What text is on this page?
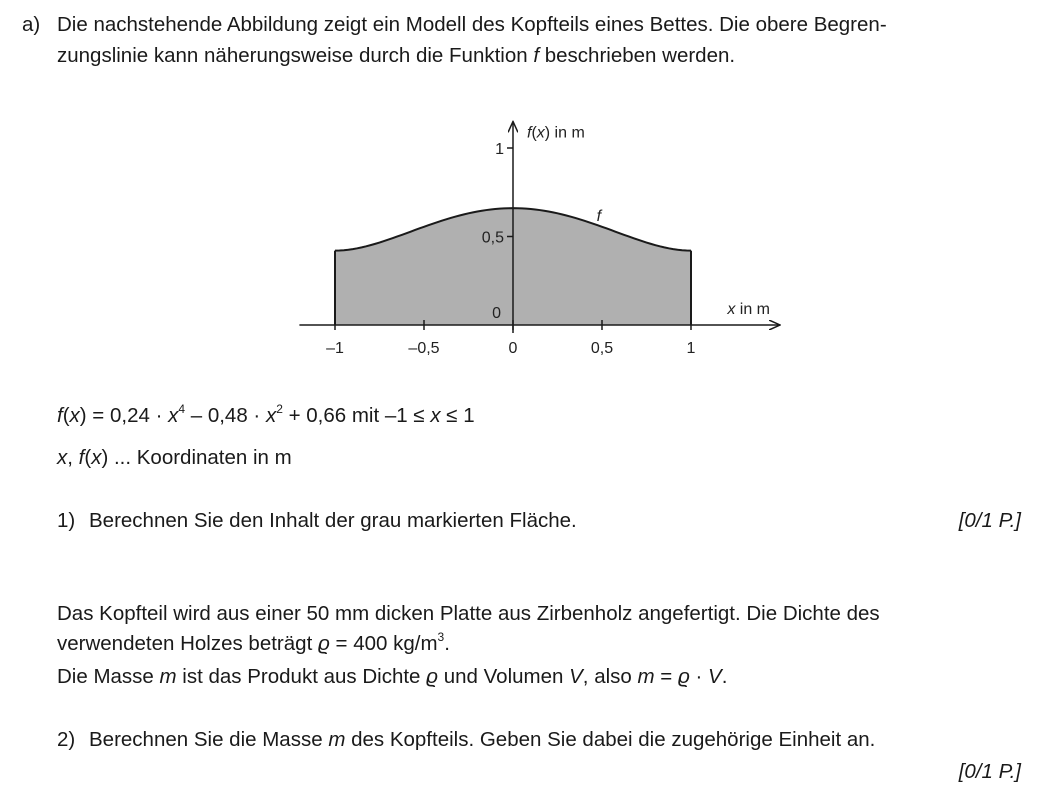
a) Die nachstehende Abbildung zeigt ein Modell des Kopfteils eines Bettes. Die obere Begren-
zungslinie kann näherungsweise durch die Funktion f beschrieben werden.
–1	–0,5	0	0,5	1
0,5
1
f(x) in m
x in m
0
f
$f(x) = 0,24 \cdot x^4 - 0,48 \cdot x^2 + 0,66$ mit –1 ≤ x ≤ 1
x, f(x) ... Koordinaten in m
1) Berechnen Sie den Inhalt der grau markierten Fläche.	[0/1 P.]
Das Kopfteil wird aus einer 50 mm dicken Platte aus Zirbenholz angefertigt. Die Dichte des
verwendeten Holzes beträgt ϱ = 400 $kg/m^3$.
Die Masse m ist das Produkt aus Dichte ϱ und Volumen V, also m = ϱ · V.
2) Berechnen Sie die Masse m des Kopfteils. Geben Sie dabei die zugehörige Einheit an.
[0/1 P.]
